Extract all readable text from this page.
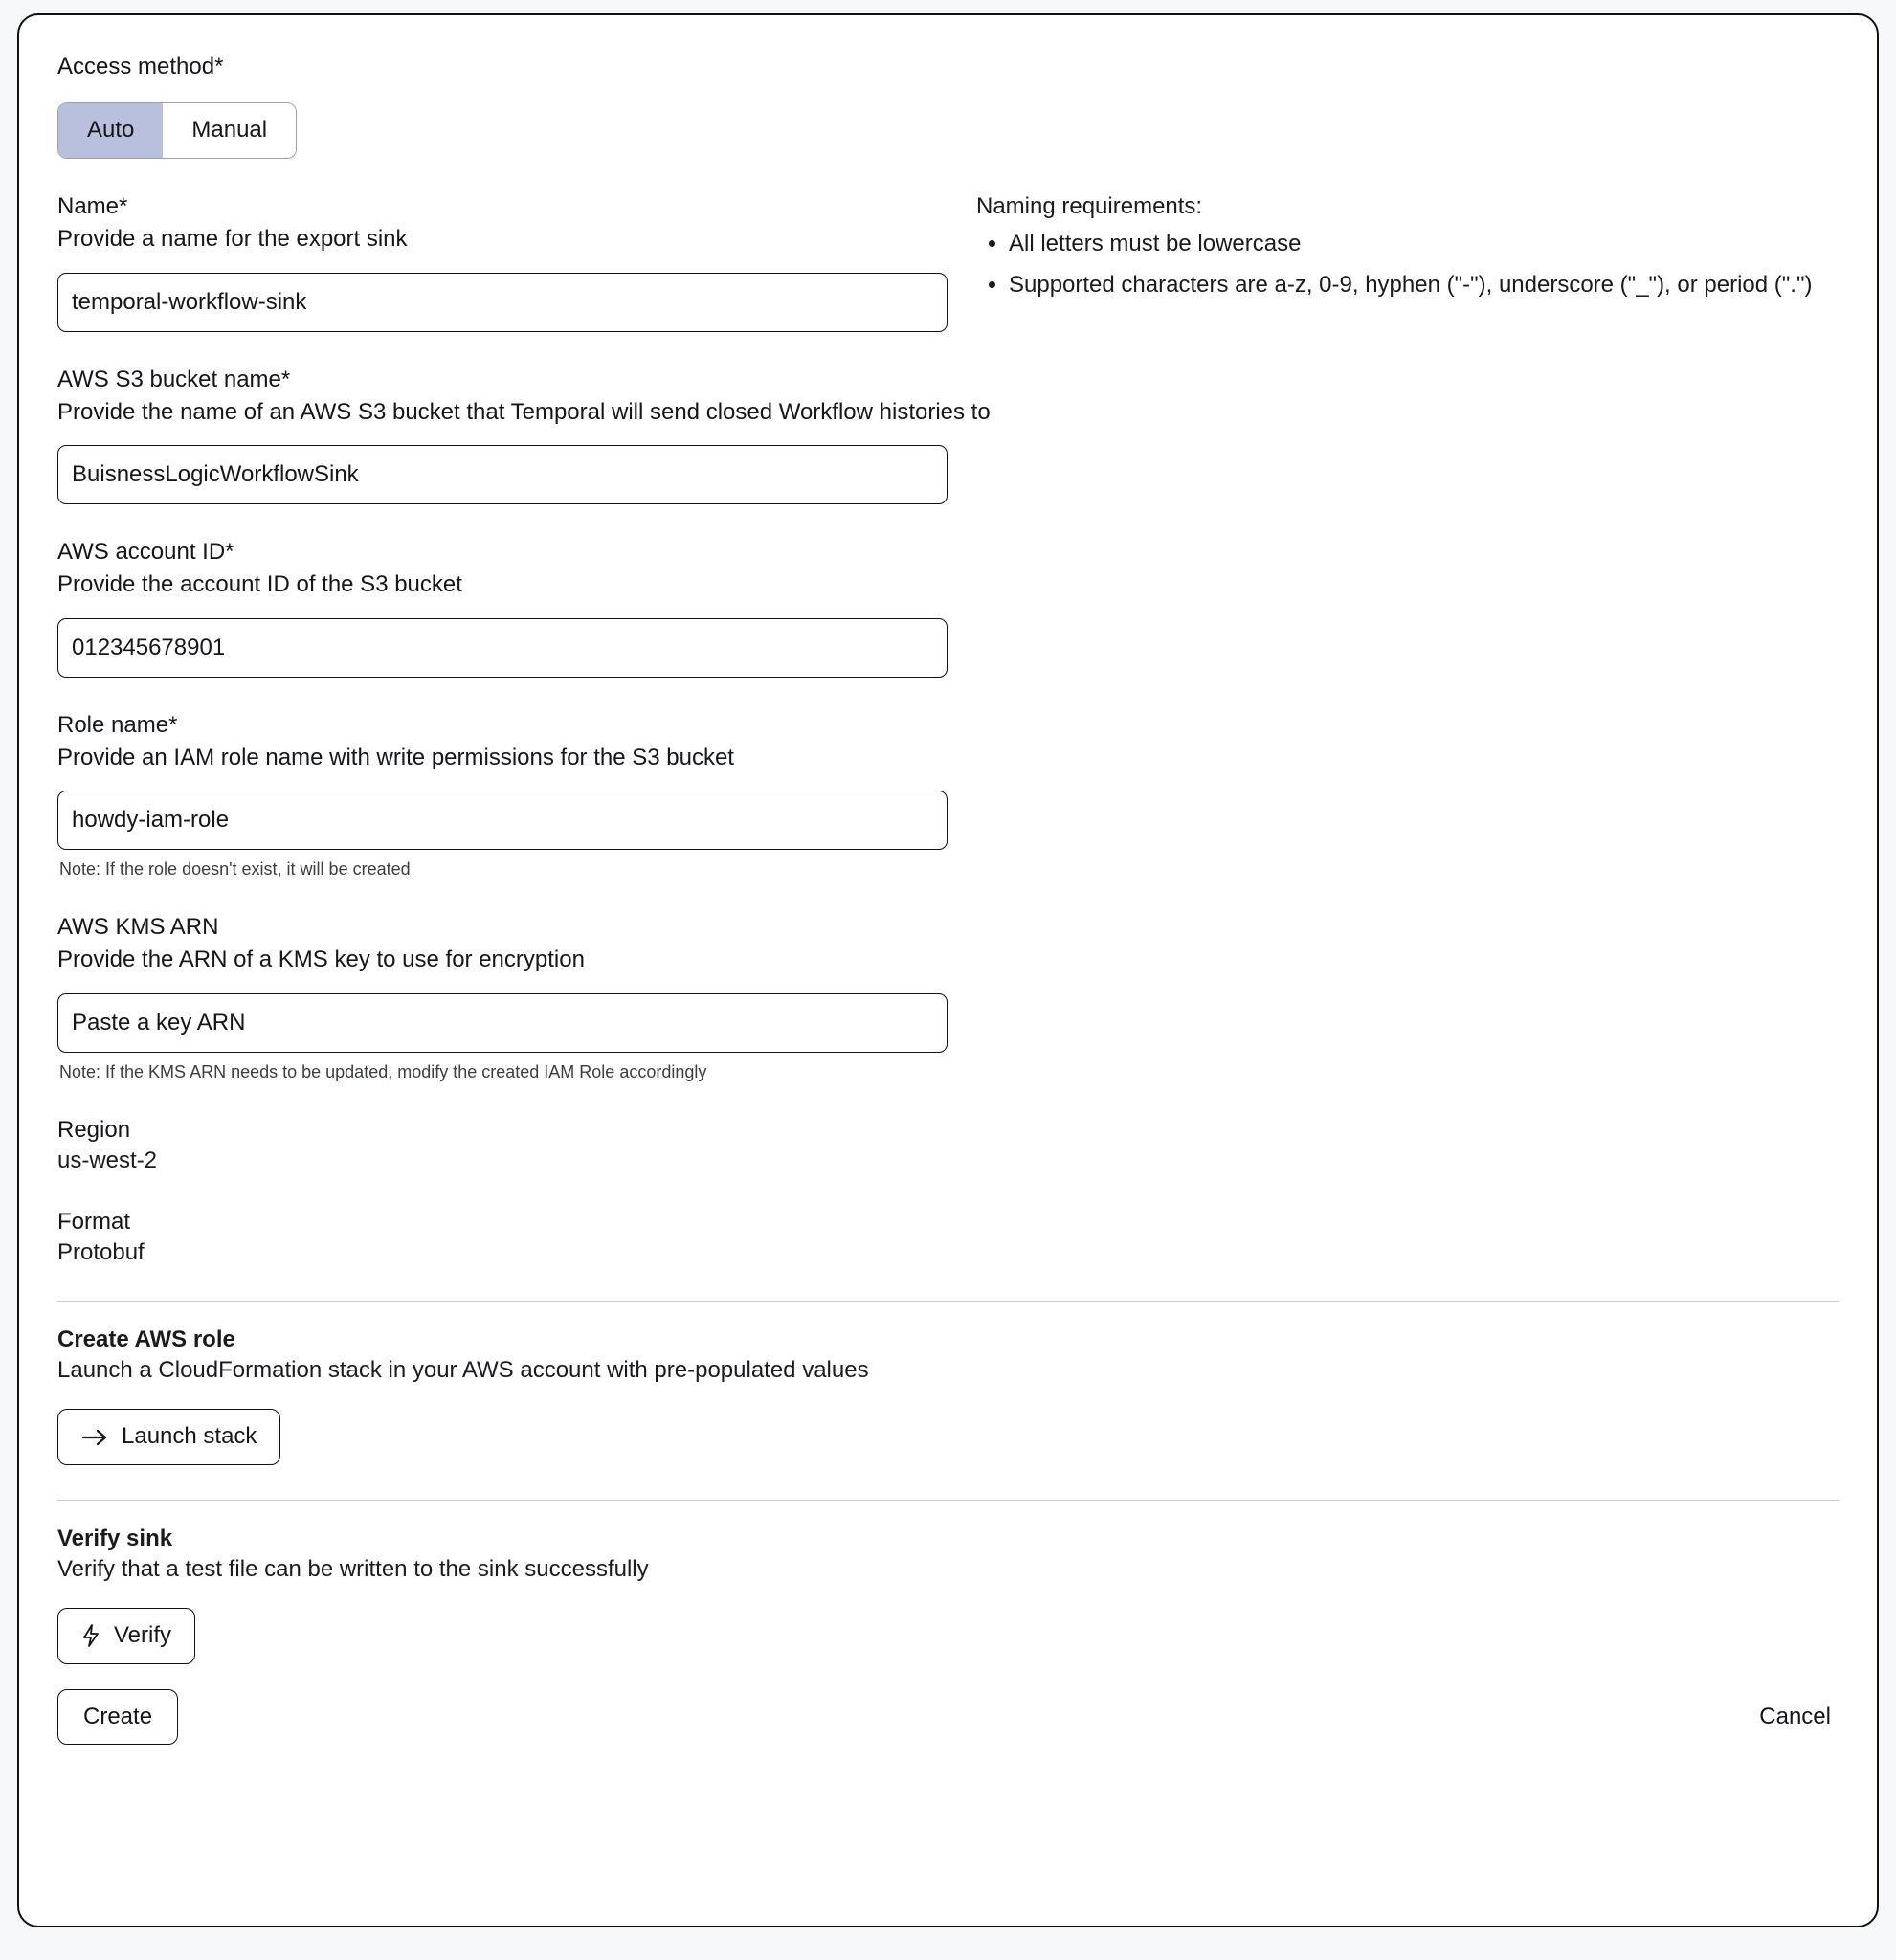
Access method*

Auto	Manual

Name*

Provide a name for the export sink

temporal-workflow-sink

Naming requirements:

• All letters must be lowercase
• Supported characters are a-z, 0-9, hyphen ("-"), underscore ("_"), or period (".")

AWS S3 bucket name*

Provide the name of an AWS S3 bucket that Temporal will send closed Workflow histories to

BuisnessLogicWorkflowSink

AWS account ID*

Provide the account ID of the S3 bucket

012345678901

Role name*

Provide an IAM role name with write permissions for the S3 bucket

howdy-iam-role

Note: If the role doesn't exist, it will be created

AWS KMS ARN

Provide the ARN of a KMS key to use for encryption

Paste a key ARN

Note: If the KMS ARN needs to be updated, modify the created IAM Role accordingly

Region

us-west-2

Format

Protobuf

Create AWS role

Launch a CloudFormation stack in your AWS account with pre-populated values

Launch stack

Verify sink

Verify that a test file can be written to the sink successfully

Verify
Create	Cancel
